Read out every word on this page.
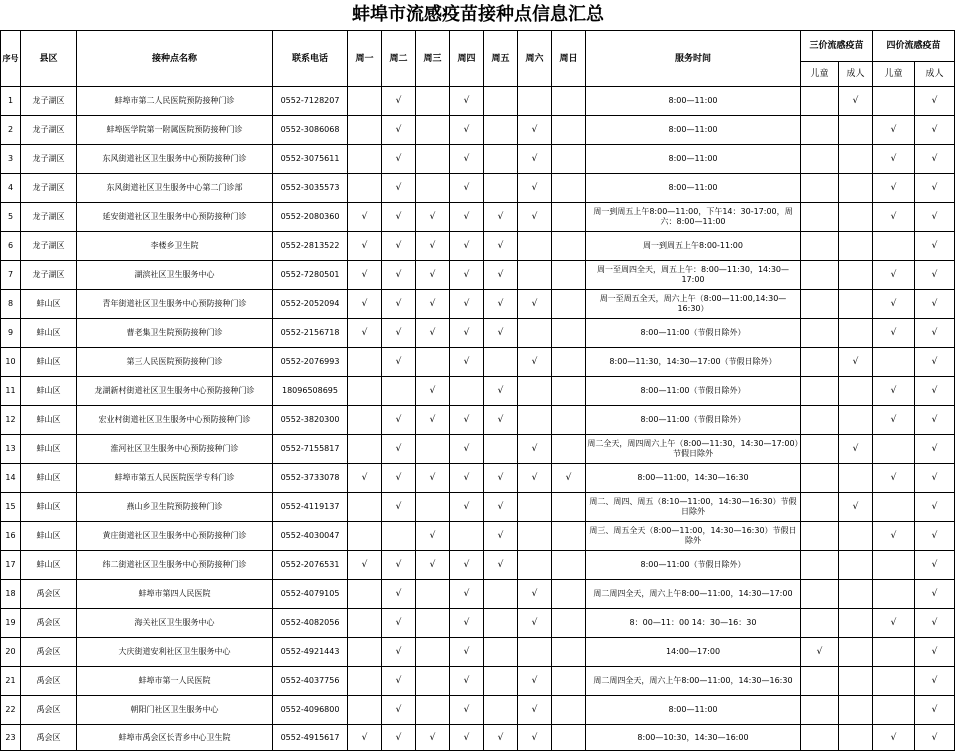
蚌埠市流感疫苗接种点信息汇总
序号	县区	接种点名称	联系电话	周一	周二	周三	周四	周五	周六	周日	服务时间	三价流感疫苗		四价流感疫苗	
												儿童	成人	儿童	成人
1	龙子湖区	蚌埠市第二人民医院预防接种门诊	0552-7128207		√		√				8:00—11:00		√		√
2	龙子湖区	蚌埠医学院第一附属医院预防接种门诊	0552-3086068		√		√		√		8:00—11:00			√	√
3	龙子湖区	东风街道社区卫生服务中心预防接种门诊	0552-3075611		√		√		√		8:00—11:00			√	√
4	龙子湖区	东风街道社区卫生服务中心第二门诊部	0552-3035573		√		√		√		8:00—11:00			√	√
5	龙子湖区	延安街道社区卫生服务中心预防接种门诊	0552-2080360	√	√	√	√	√	√		周一到周五上午8:00—11:00，下午14：30-17:00，周六：8:00—11:00			√	√
6	龙子湖区	李楼乡卫生院	0552-2813522	√	√	√	√	√			周一到周五上午8:00-11:00				√
7	龙子湖区	湖滨社区卫生服务中心	0552-7280501	√	√	√	√	√			周一至周四全天，周五上午：8:00—11:30，14:30—17:00			√	√
8	蚌山区	青年街道社区卫生服务中心预防接种门诊	0552-2052094	√	√	√	√	√	√		周一至周五全天，周六上午（8:00—11:00,14:30—16:30）			√	√
9	蚌山区	曹老集卫生院预防接种门诊	0552-2156718	√	√	√	√	√			8:00—11:00（节假日除外）			√	√
10	蚌山区	第三人民医院预防接种门诊	0552-2076993		√		√		√		8:00—11:30，14:30—17:00（节假日除外）		√		√
11	蚌山区	龙湖新村街道社区卫生服务中心预防接种门诊	18096508695			√		√			8:00—11:00（节假日除外）			√	√
12	蚌山区	宏业村街道社区卫生服务中心预防接种门诊	0552-3820300		√	√	√	√			8:00—11:00（节假日除外）			√	√
13	蚌山区	淮河社区卫生服务中心预防接种门诊	0552-7155817		√		√		√		周二全天，周四周六上午（8:00—11:30，14:30—17:00）节假日除外		√		√
14	蚌山区	蚌埠市第五人民医院医学专科门诊	0552-3733078	√	√	√	√	√	√	√	8:00—11:00，14:30—16:30			√	√
15	蚌山区	燕山乡卫生院预防接种门诊	0552-4119137		√		√	√			周二、周四、周五（8:10—11:00，14:30—16:30）节假日除外		√		√
16	蚌山区	黄庄街道社区卫生服务中心预防接种门诊	0552-4030047			√		√			周三、周五全天（8:00—11:00，14:30—16:30）节假日除外			√	√
17	蚌山区	纬二街道社区卫生服务中心预防接种门诊	0552-2076531	√	√	√	√	√			8:00—11:00（节假日除外）				√
18	禹会区	蚌埠市第四人民医院	0552-4079105		√		√		√		周二周四全天，周六上午8:00—11:00，14:30—17:00				√
19	禹会区	海关社区卫生服务中心	0552-4082056		√		√		√		8：00—11：00 14：30—16：30			√	√
20	禹会区	大庆街道安利社区卫生服务中心	0552-4921443		√		√				14:00—17:00	√			√
21	禹会区	蚌埠市第一人民医院	0552-4037756		√		√		√		周二周四全天，周六上午8:00—11:00，14:30—16:30				√
22	禹会区	朝阳门社区卫生服务中心	0552-4096800		√		√		√		8:00—11:00				√
23	禹会区	蚌埠市禹会区长青乡中心卫生院	0552-4915617	√	√	√	√	√	√		8:00—10:30，14:30—16:00			√	√
